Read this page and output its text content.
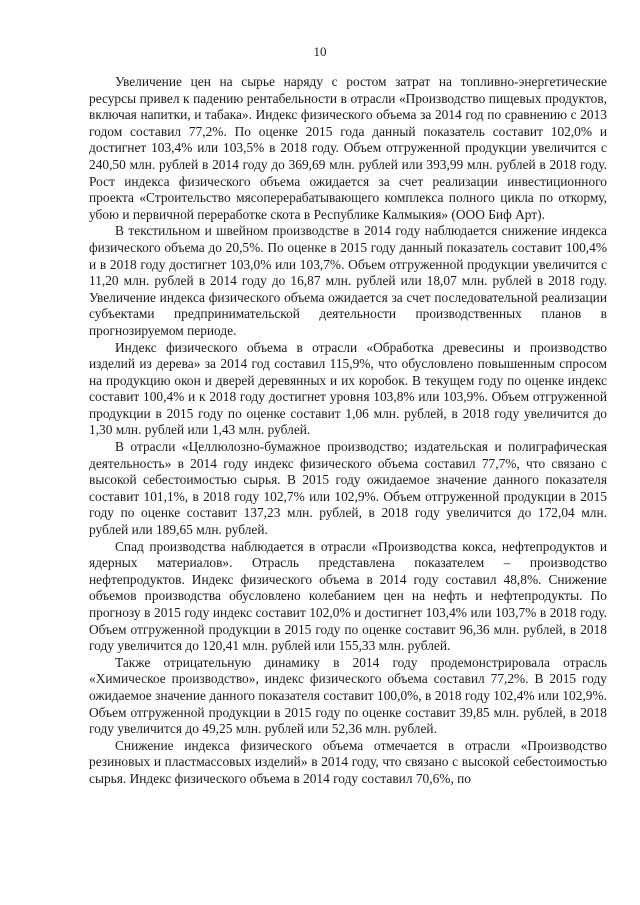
10

Увеличение цен на сырье наряду с ростом затрат на топливно-энергетические ресурсы привел к падению рентабельности в отрасли «Производство пищевых продуктов, включая напитки, и табака». Индекс физического объема за 2014 год по сравнению с 2013 годом составил 77,2%. По оценке 2015 года данный показатель составит 102,0% и достигнет 103,4% или 103,5% в 2018 году. Объем отгруженной продукции увеличится с 240,50 млн. рублей в 2014 году до 369,69 млн. рублей или 393,99 млн. рублей в 2018 году. Рост индекса физического объема ожидается за счет реализации инвестиционного проекта «Строительство мясоперерабатывающего комплекса полного цикла по откорму, убою и первичной переработке скота в Республике Калмыкия» (ООО Биф Арт).

В текстильном и швейном производстве в 2014 году наблюдается снижение индекса физического объема до 20,5%. По оценке в 2015 году данный показатель составит 100,4% и в 2018 году достигнет 103,0% или 103,7%. Объем отгруженной продукции увеличится с 11,20 млн. рублей в 2014 году до 16,87 млн. рублей или 18,07 млн. рублей в 2018 году. Увеличение индекса физического объема ожидается за счет последовательной реализации субъектами предпринимательской деятельности производственных планов в прогнозируемом периоде.

Индекс физического объема в отрасли «Обработка древесины и производство изделий из дерева» за 2014 год составил 115,9%, что обусловлено повышенным спросом на продукцию окон и дверей деревянных и их коробок. В текущем году по оценке индекс составит 100,4% и к 2018 году достигнет уровня 103,8% или 103,9%. Объем отгруженной продукции в 2015 году по оценке составит 1,06 млн. рублей, в 2018 году увеличится до 1,30 млн. рублей или 1,43 млн. рублей.

В отрасли «Целлюлозно-бумажное производство; издательская и полиграфическая деятельность» в 2014 году индекс физического объема составил 77,7%, что связано с высокой себестоимостью сырья. В 2015 году ожидаемое значение данного показателя составит 101,1%, в 2018 году 102,7% или 102,9%. Объем отгруженной продукции в 2015 году по оценке составит 137,23 млн. рублей, в 2018 году увеличится до 172,04 млн. рублей или 189,65 млн. рублей.

Спад производства наблюдается в отрасли «Производства кокса, нефтепродуктов и ядерных материалов». Отрасль представлена показателем – производство нефтепродуктов. Индекс физического объема в 2014 году составил 48,8%. Снижение объемов производства обусловлено колебанием цен на нефть и нефтепродукты. По прогнозу в 2015 году индекс составит 102,0% и достигнет 103,4% или 103,7% в 2018 году. Объем отгруженной продукции в 2015 году по оценке составит 96,36 млн. рублей, в 2018 году увеличится до 120,41 млн. рублей или 155,33 млн. рублей.

Также отрицательную динамику в 2014 году продемонстрировала отрасль «Химическое производство», индекс физического объема составил 77,2%. В 2015 году ожидаемое значение данного показателя составит 100,0%, в 2018 году 102,4% или 102,9%. Объем отгруженной продукции в 2015 году по оценке составит 39,85 млн. рублей, в 2018 году увеличится до 49,25 млн. рублей или 52,36 млн. рублей.

Снижение индекса физического объема отмечается в отрасли «Производство резиновых и пластмассовых изделий» в 2014 году, что связано с высокой себестоимостью сырья. Индекс физического объема в 2014 году составил 70,6%, по
